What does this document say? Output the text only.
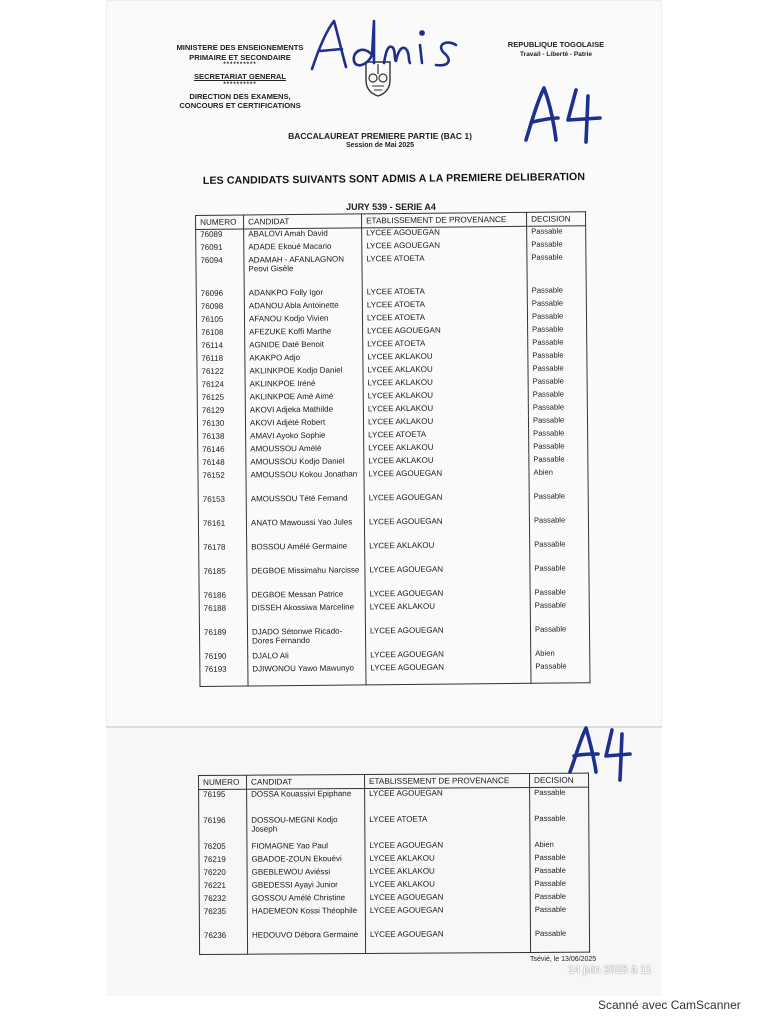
MINISTERE DES ENSEIGNEMENTS
PRIMAIRE ET SECONDAIRE
**********
SECRETARIAT GENERAL
**********
DIRECTION DES EXAMENS,
CONCOURS ET CERTIFICATIONS
REPUBLIQUE TOGOLAISE
Travail - Liberté - Patrie
BACCALAUREAT PREMIERE PARTIE (BAC 1)
Session de Mai 2025
LES CANDIDATS SUIVANTS SONT ADMIS A LA PREMIERE DELIBERATION
JURY 539 - SERIE A4
NUMERO	CANDIDAT	ETABLISSEMENT DE PROVENANCE	DECISION
76089	ABALOVI Amah David	LYCEE AGOUEGAN	Passable
76091	ADADE Ekoué Macario	LYCEE AGOUEGAN	Passable
76094	ADAMAH - AFANLAGNON Peovi Gisèle	LYCEE ATOETA	Passable
76096	ADANKPO Folly Igor	LYCEE ATOETA	Passable
76098	ADANOU Abla Antoinette	LYCEE ATOETA	Passable
76105	AFANOU Kodjo Vivien	LYCEE ATOETA	Passable
76108	AFEZUKE Koffi Marthe	LYCEE AGOUEGAN	Passable
76114	AGNIDE Daté Benoit	LYCEE ATOETA	Passable
76118	AKAKPO Adjo	LYCEE AKLAKOU	Passable
76122	AKLINKPOE Kodjo Daniel	LYCEE AKLAKOU	Passable
76124	AKLINKPOE Iréné	LYCEE AKLAKOU	Passable
76125	AKLINKPOE Amé Aimé	LYCEE AKLAKOU	Passable
76129	AKOVI Adjeka Mathilde	LYCEE AKLAKOU	Passable
76130	AKOVI Adjété Robert	LYCEE AKLAKOU	Passable
76138	AMAVI Ayoko Sophie	LYCEE ATOETA	Passable
76146	AMOUSSOU Amélé	LYCEE AKLAKOU	Passable
76148	AMOUSSOU Kodjo Daniel	LYCEE AKLAKOU	Passable
76152	AMOUSSOU Kokou Jonathan	LYCEE AGOUEGAN	Abien
76153	AMOUSSOU Tété Fernand	LYCEE AGOUEGAN	Passable
76161	ANATO Mawoussi Yao Jules	LYCEE AGOUEGAN	Passable
76178	BOSSOU Amélé Germaine	LYCEE AKLAKOU	Passable
76185	DEGBOE Missimahu Narcisse	LYCEE AGOUEGAN	Passable
76186	DEGBOE Messan Patrice	LYCEE AGOUEGAN	Passable
76188	DISSEH Akossiwa Marceline	LYCEE AKLAKOU	Passable
76189	DJADO Sétonwe Ricado-Dores Fernando	LYCEE AGOUEGAN	Passable
76190	DJALO Ali	LYCEE AGOUEGAN	Abien
76193	DJIWONOU Yawo Mawunyo	LYCEE AGOUEGAN	Passable
NUMERO	CANDIDAT	ETABLISSEMENT DE PROVENANCE	DECISION
76195	DOSSA Kouassivi Epiphane	LYCEE AGOUEGAN	Passable
76196	DOSSOU-MEGNI Kodjo Joseph	LYCEE ATOETA	Passable
76205	FIOMAGNE Yao Paul	LYCEE AGOUEGAN	Abien
76219	GBADOE-ZOUN Ekouévi	LYCEE AKLAKOU	Passable
76220	GBEBLEWOU Aviéssi	LYCEE AKLAKOU	Passable
76221	GBEDESSI Ayayi Junior	LYCEE AKLAKOU	Passable
76232	GOSSOU Amélé Christine	LYCEE AGOUEGAN	Passable
76235	HADEMEON Kossi Théophile	LYCEE AGOUEGAN	Passable
76236	HEDOUVO Débora Germaine	LYCEE AGOUEGAN	Passable
Tsévié, le 13/06/2025
14 juin 2025 à 11
Scanné avec CamScanner
